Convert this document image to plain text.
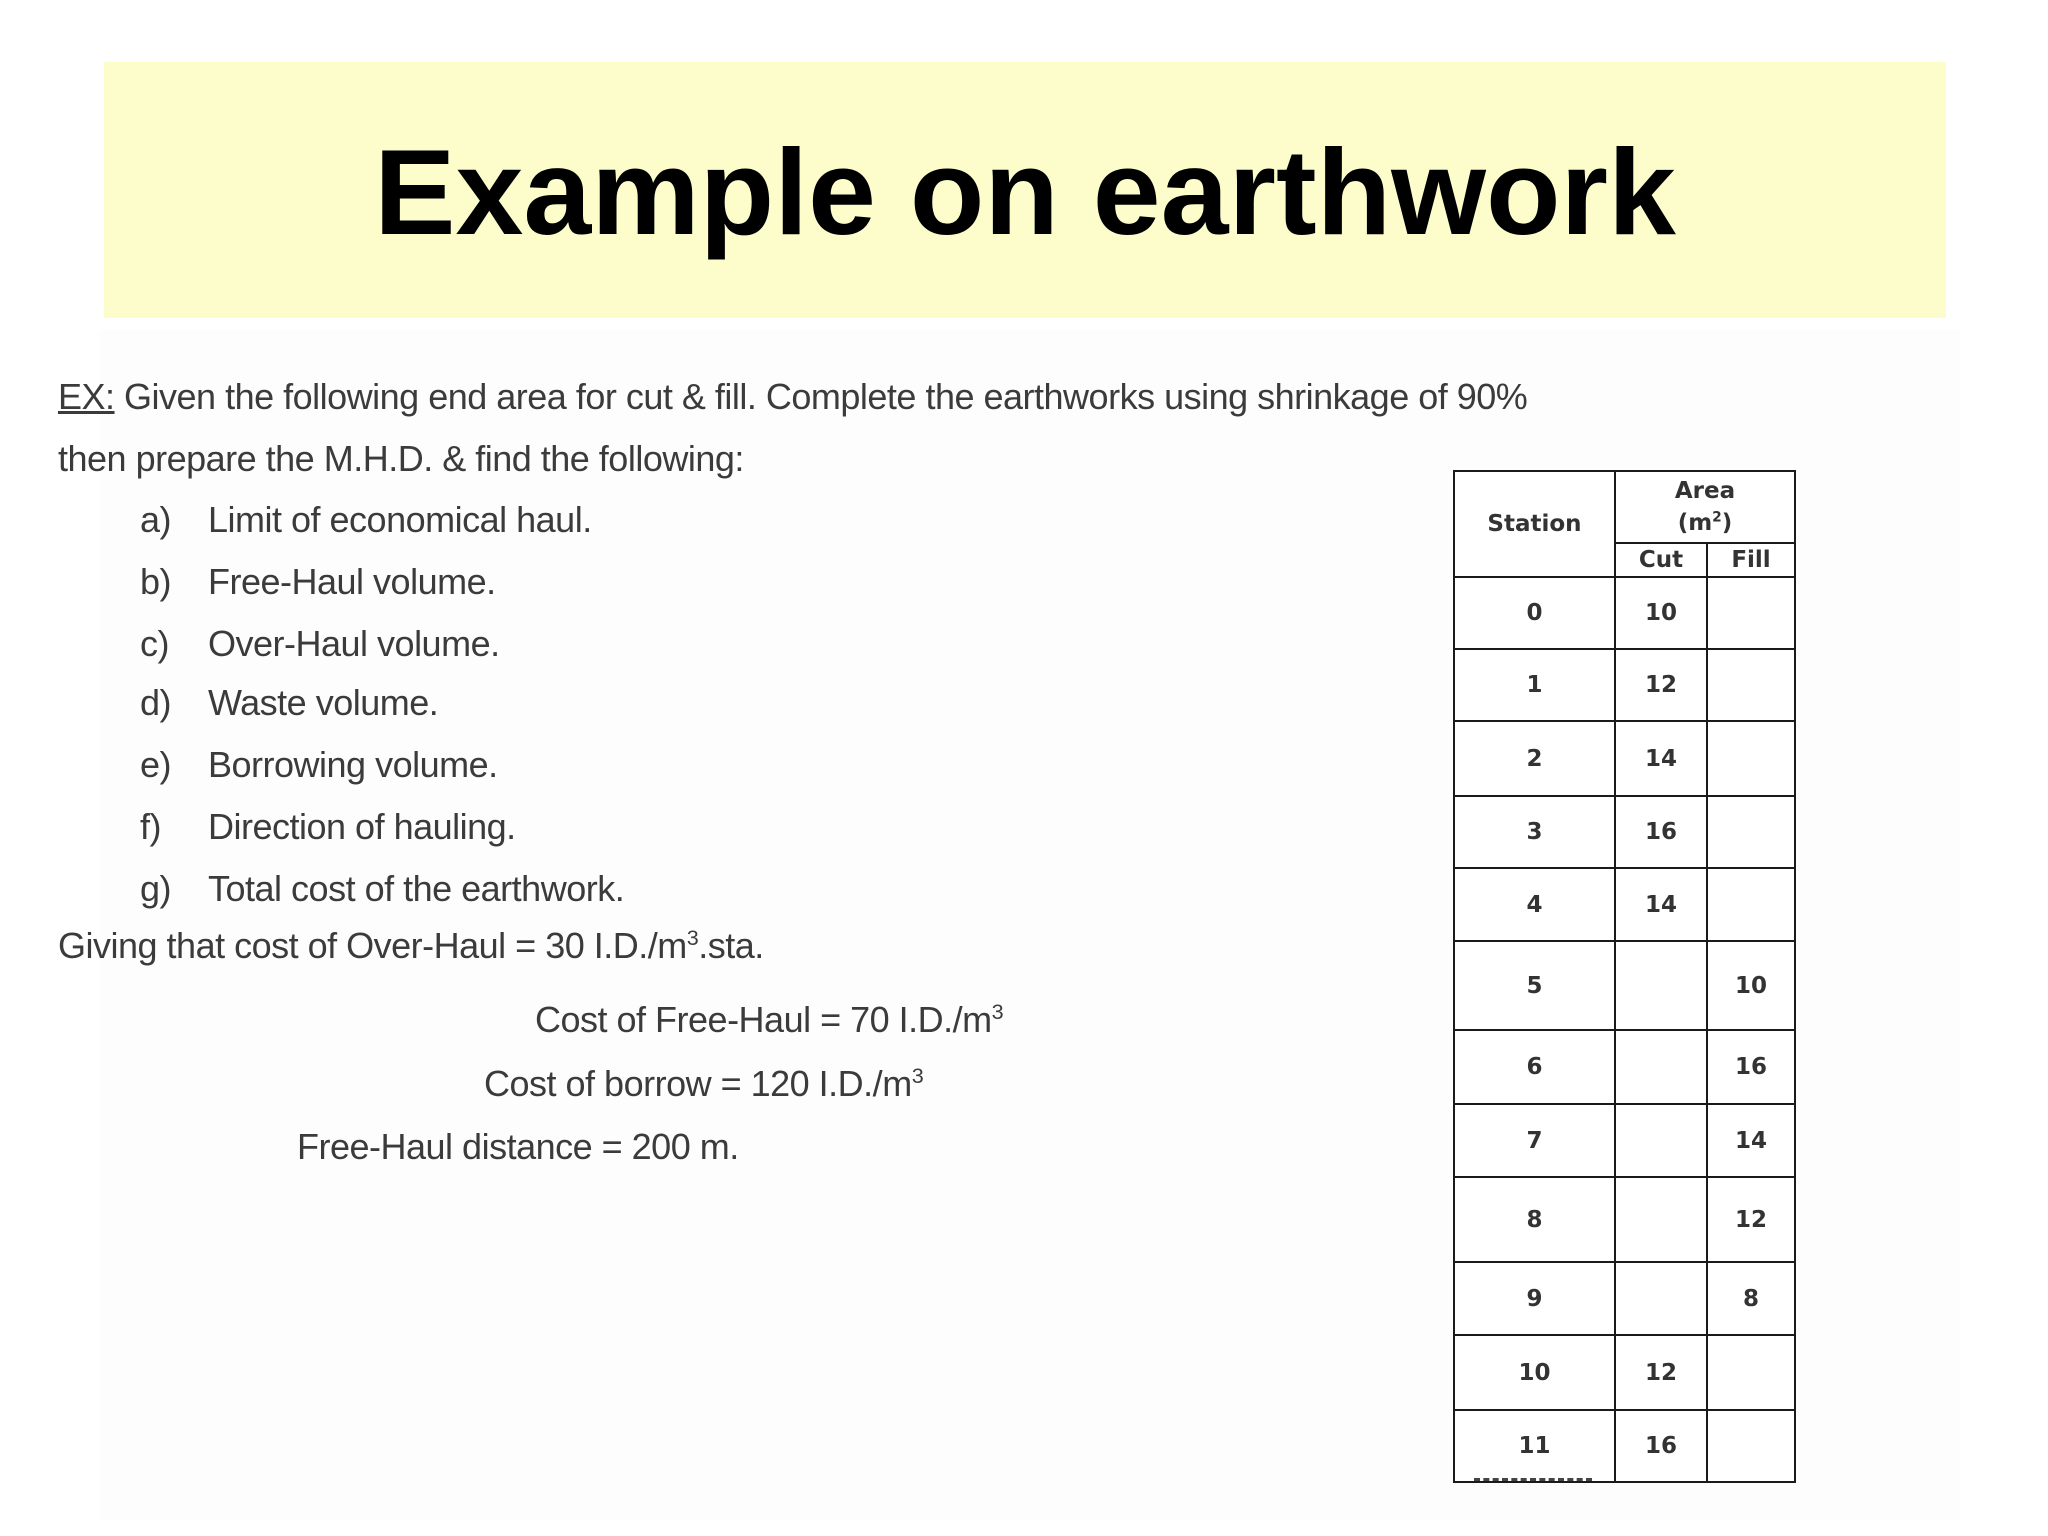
Example on earthwork

EX: Given the following end area for cut & fill. Complete the earthworks using shrinkage of 90%

then prepare the M.H.D. & find the following:

a)	Limit of economical haul.

b)	Free-Haul volume.

c)	Over-Haul volume.

d)	Waste volume.

e)	Borrowing volume.

f)	Direction of hauling.

g)	Total cost of the earthwork.

Giving that cost of Over-Haul = 30 $I.D./m^3.sta$.

Cost of Free-Haul = 70 $I.D./m^3$

Cost of borrow = 120 $I.D./m^3$

Free-Haul distance = 200 m.

Station	Area
$(m^2)$	
	Cut	Fill
0	10	
1	12	
2	14	
3	16	
4	14	
5		10
6		16
7		14
8		12
9		8
10	12	
11	16	
